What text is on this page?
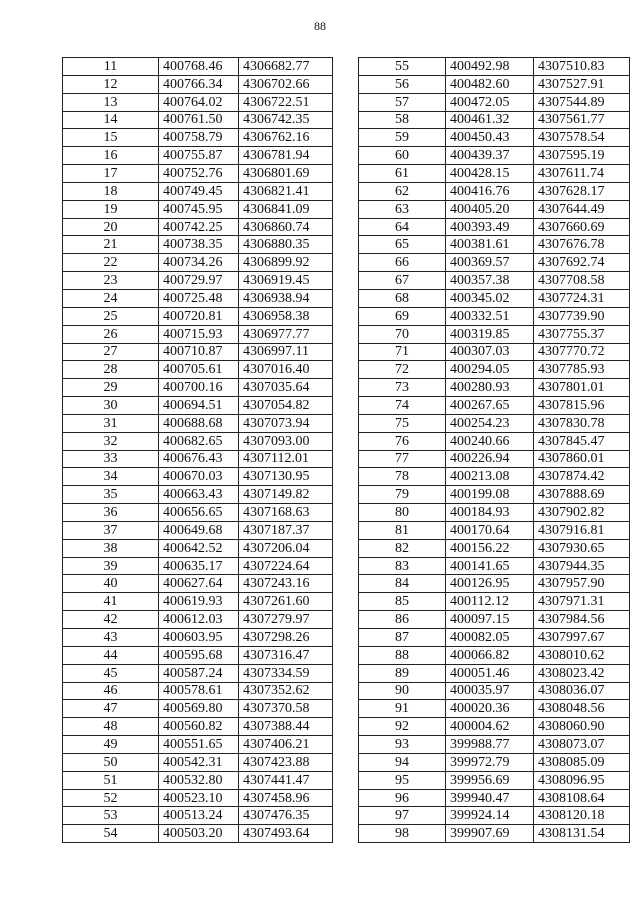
88
11	400768.46	4306682.77
12	400766.34	4306702.66
13	400764.02	4306722.51
14	400761.50	4306742.35
15	400758.79	4306762.16
16	400755.87	4306781.94
17	400752.76	4306801.69
18	400749.45	4306821.41
19	400745.95	4306841.09
20	400742.25	4306860.74
21	400738.35	4306880.35
22	400734.26	4306899.92
23	400729.97	4306919.45
24	400725.48	4306938.94
25	400720.81	4306958.38
26	400715.93	4306977.77
27	400710.87	4306997.11
28	400705.61	4307016.40
29	400700.16	4307035.64
30	400694.51	4307054.82
31	400688.68	4307073.94
32	400682.65	4307093.00
33	400676.43	4307112.01
34	400670.03	4307130.95
35	400663.43	4307149.82
36	400656.65	4307168.63
37	400649.68	4307187.37
38	400642.52	4307206.04
39	400635.17	4307224.64
40	400627.64	4307243.16
41	400619.93	4307261.60
42	400612.03	4307279.97
43	400603.95	4307298.26
44	400595.68	4307316.47
45	400587.24	4307334.59
46	400578.61	4307352.62
47	400569.80	4307370.58
48	400560.82	4307388.44
49	400551.65	4307406.21
50	400542.31	4307423.88
51	400532.80	4307441.47
52	400523.10	4307458.96
53	400513.24	4307476.35
54	400503.20	4307493.64
55	400492.98	4307510.83
56	400482.60	4307527.91
57	400472.05	4307544.89
58	400461.32	4307561.77
59	400450.43	4307578.54
60	400439.37	4307595.19
61	400428.15	4307611.74
62	400416.76	4307628.17
63	400405.20	4307644.49
64	400393.49	4307660.69
65	400381.61	4307676.78
66	400369.57	4307692.74
67	400357.38	4307708.58
68	400345.02	4307724.31
69	400332.51	4307739.90
70	400319.85	4307755.37
71	400307.03	4307770.72
72	400294.05	4307785.93
73	400280.93	4307801.01
74	400267.65	4307815.96
75	400254.23	4307830.78
76	400240.66	4307845.47
77	400226.94	4307860.01
78	400213.08	4307874.42
79	400199.08	4307888.69
80	400184.93	4307902.82
81	400170.64	4307916.81
82	400156.22	4307930.65
83	400141.65	4307944.35
84	400126.95	4307957.90
85	400112.12	4307971.31
86	400097.15	4307984.56
87	400082.05	4307997.67
88	400066.82	4308010.62
89	400051.46	4308023.42
90	400035.97	4308036.07
91	400020.36	4308048.56
92	400004.62	4308060.90
93	399988.77	4308073.07
94	399972.79	4308085.09
95	399956.69	4308096.95
96	399940.47	4308108.64
97	399924.14	4308120.18
98	399907.69	4308131.54
